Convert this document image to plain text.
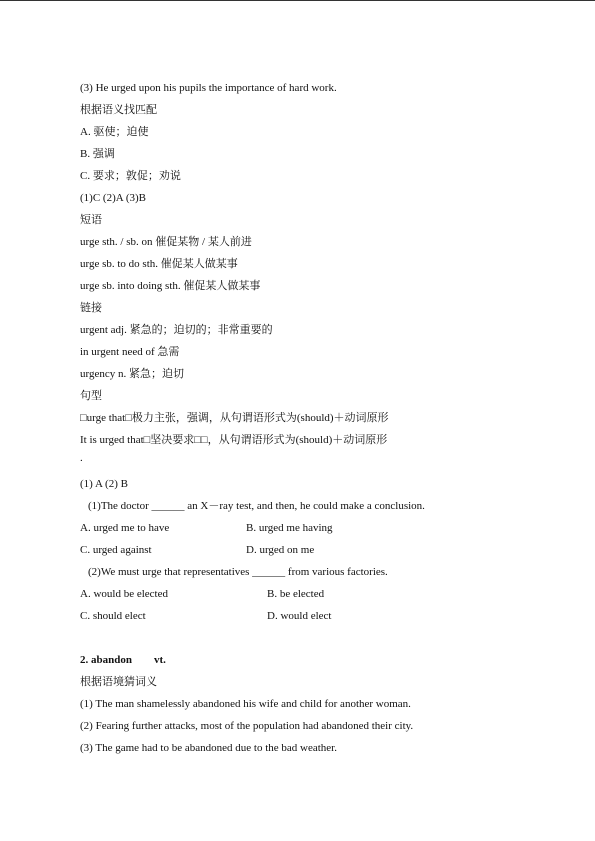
(3) He urged upon his pupils the importance of hard work.
根据语义找匹配
A. 驱使；迫使
B. 强调
C. 要求；敦促；劝说
(1)C (2)A (3)B
短语
urge sth. / sb. on 催促某物 / 某人前进
urge sb. to do sth. 催促某人做某事
urge sb. into doing sth. 催促某人做某事
链接
urgent adj. 紧急的；迫切的；非常重要的
in urgent need of 急需
urgency n. 紧急；迫切
句型
□urge that□极力主张，强调，从句谓语形式为(should)＋动词原形
It is urged that□坚决要求□□，从句谓语形式为(should)＋动词原形
.
(1) A (2) B
(1)The doctor ______ an X－ray test, and then, he could make a conclusion.
A. urged me to have	B. urged me having
C. urged against	D. urged on me
(2)We must urge that representatives ______ from various factories.
A. would be elected	B. be elected
C. should elect	D. would elect
2. abandon        vt.
根据语境猜词义
(1) The man shamelessly abandoned his wife and child for another woman.
(2) Fearing further attacks, most of the population had abandoned their city.
(3) The game had to be abandoned due to the bad weather.
